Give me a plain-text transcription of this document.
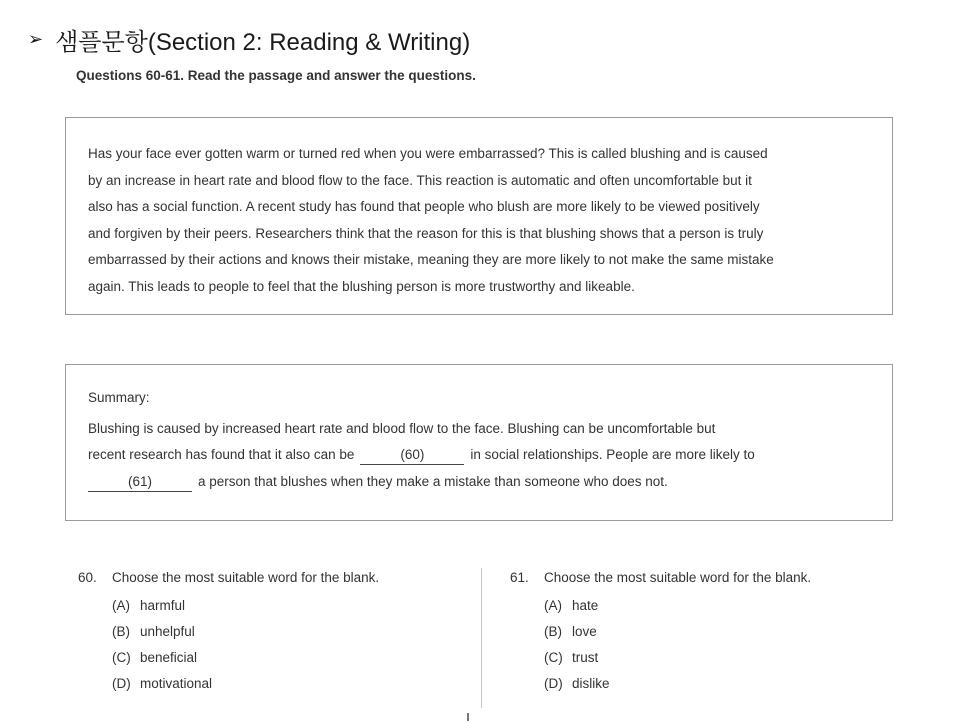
➢ 샘플문항(Section 2: Reading & Writing)
Questions 60-61. Read the passage and answer the questions.
Has your face ever gotten warm or turned red when you were embarrassed? This is called blushing and is caused
by an increase in heart rate and blood flow to the face. This reaction is automatic and often uncomfortable but it
also has a social function. A recent study has found that people who blush are more likely to be viewed positively
and forgiven by their peers. Researchers think that the reason for this is that blushing shows that a person is truly
embarrassed by their actions and knows their mistake, meaning they are more likely to not make the same mistake
again. This leads to people to feel that the blushing person is more trustworthy and likeable.
Summary:
Blushing is caused by increased heart rate and blood flow to the face. Blushing can be uncomfortable but
recent research has found that it also can be	(60)	in social relationships. People are more likely to
(61)	a person that blushes when they make a mistake than someone who does not.
60.	Choose the most suitable word for the blank.
(A) harmful
(B) unhelpful
(C) beneficial
(D) motivational
61.	Choose the most suitable word for the blank.
(A) hate
(B) love
(C) trust
(D) dislike
